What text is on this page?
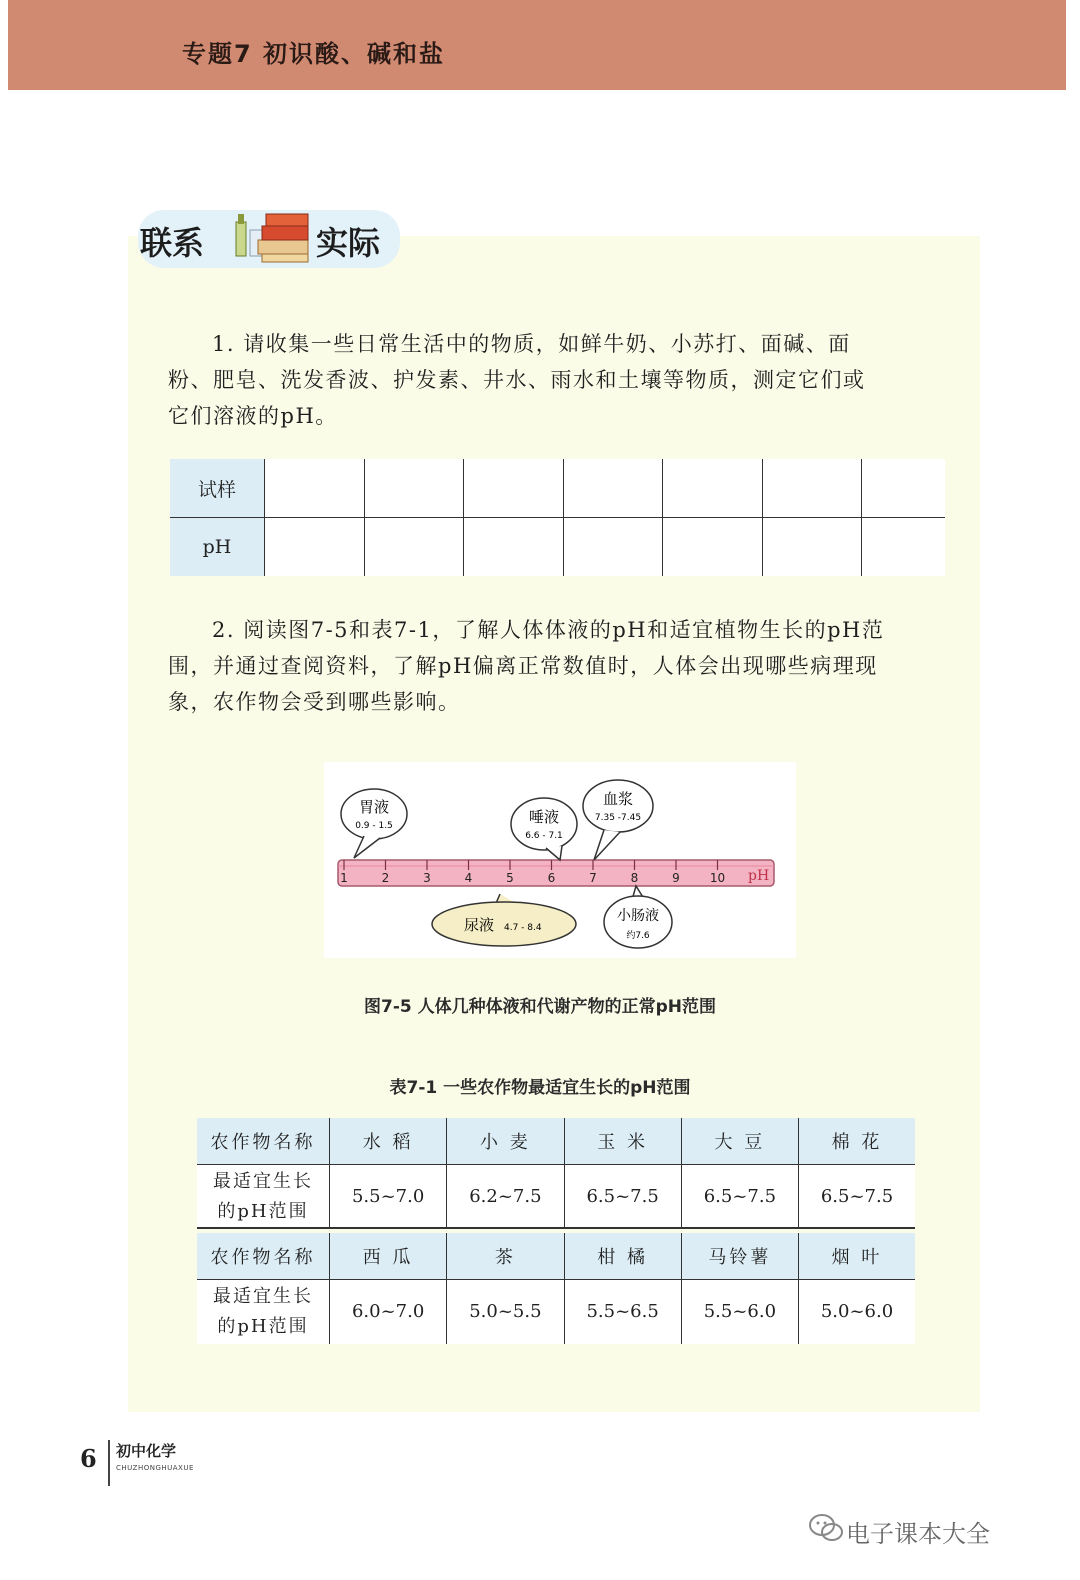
专题7 初识酸、碱和盐
联系	实际
1. 请收集一些日常生活中的物质，如鲜牛奶、小苏打、面碱、面
粉、肥皂、洗发香波、护发素、井水、雨水和土壤等物质，测定它们或
它们溶液的pH。
试样							
pH							
2. 阅读图7-5和表7-1，了解人体体液的pH和适宜植物生长的pH范
围，并通过查阅资料，了解pH偏离正常数值时，人体会出现哪些病理现
象，农作物会受到哪些影响。
1	2	3	4	5	6	7	8	9	10 pH
胃液
0.9 - 1.5	唾液
6.6 - 7.1
血浆
7.35 -7.45
尿液 4.7 - 8.4
小肠液
约7.6
图7-5 人体几种体液和代谢产物的正常pH范围
表7-1 一些农作物最适宜生长的pH范围
农作物名称	水 稻	小 麦	玉 米	大 豆	棉 花
最适宜生长
的pH范围	5.5~7.0	6.2~7.5	6.5~7.5	6.5~7.5	6.5~7.5
农作物名称	西 瓜	茶	柑 橘	马铃薯	烟 叶
最适宜生长
的pH范围	6.0~7.0	5.0~5.5	5.5~6.5	5.5~6.0	5.0~6.0
6 初中化学
CHUZHONGHUAXUE
电子课本大全
